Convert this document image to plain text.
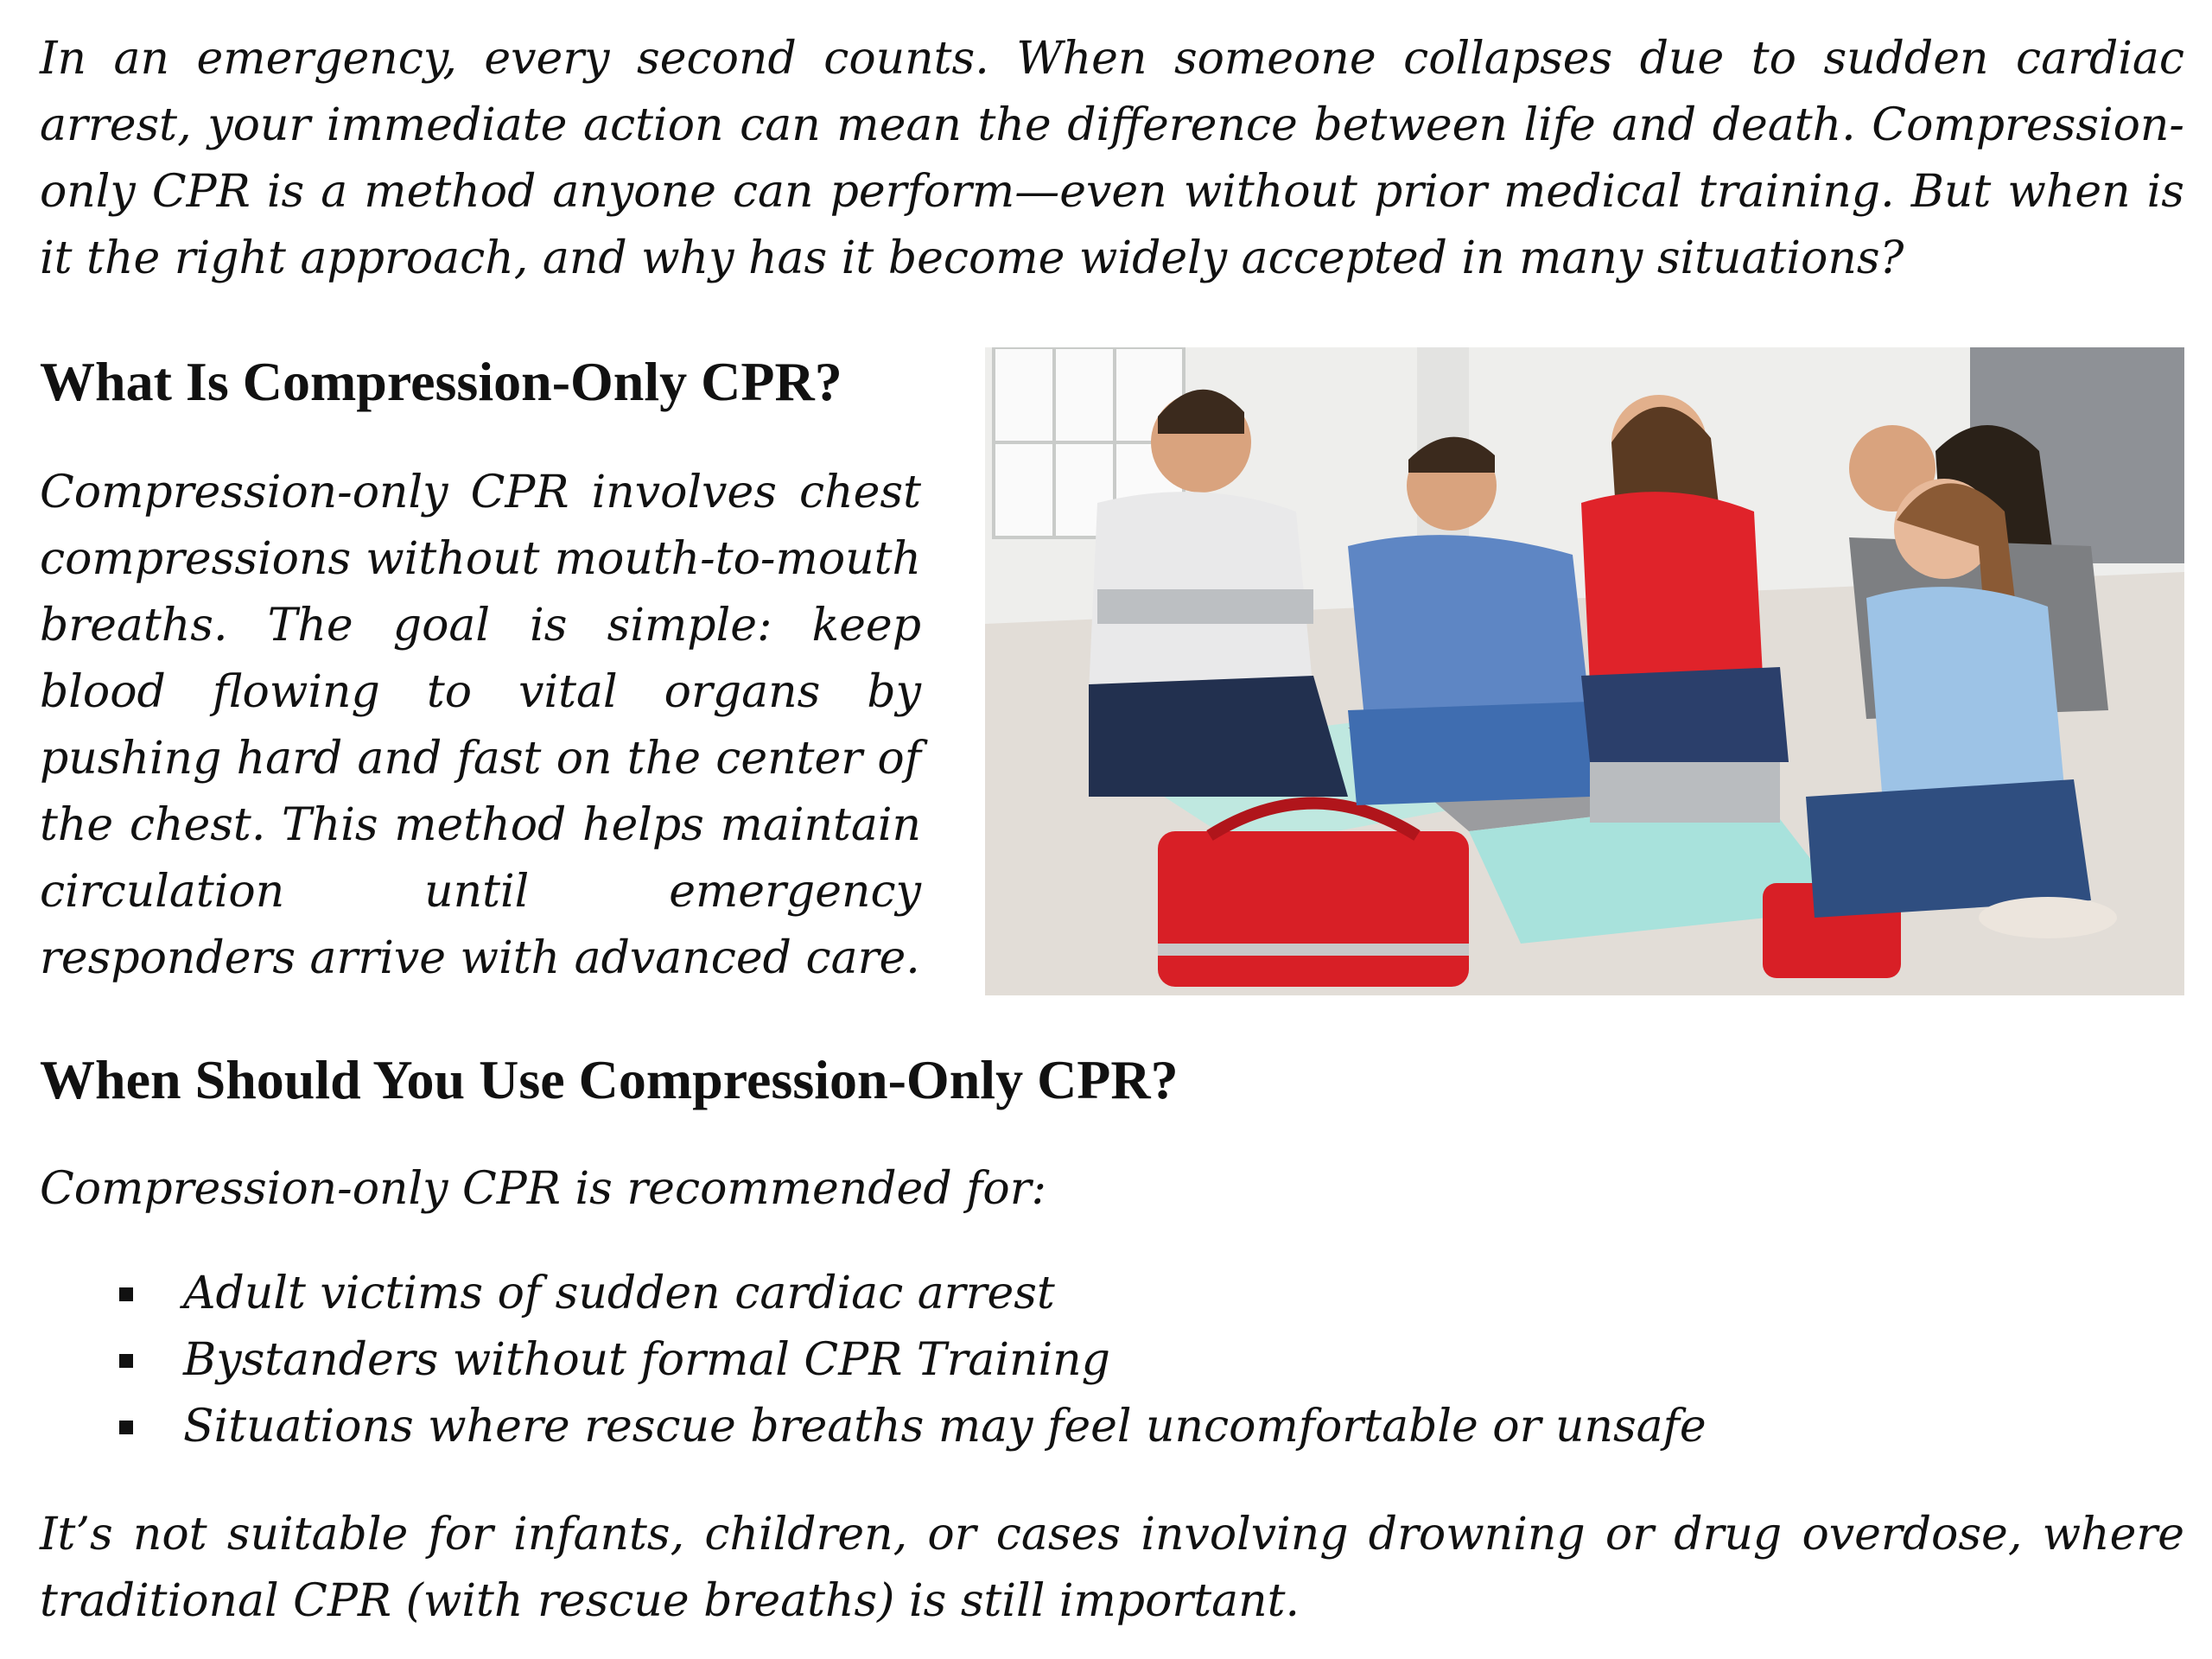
In an emergency, every second counts. When someone collapses due to sudden cardiac arrest, your immediate action can mean the difference between life and death. Compression-only CPR is a method anyone can perform—even without prior medical training. But when is it the right approach, and why has it become widely accepted in many situations?

What Is Compression-Only CPR?

Compression-only CPR involves chest compressions without mouth-to-mouth breaths. The goal is simple: keep blood flowing to vital organs by pushing hard and fast on the center of the chest. This method helps maintain circulation until emergency responders arrive with advanced care.

When Should You Use Compression-Only CPR?

Compression-only CPR is recommended for:

Adult victims of sudden cardiac arrest
Bystanders without formal CPR Training
Situations where rescue breaths may feel uncomfortable or unsafe

It’s not suitable for infants, children, or cases involving drowning or drug overdose, where traditional CPR (with rescue breaths) is still important.
